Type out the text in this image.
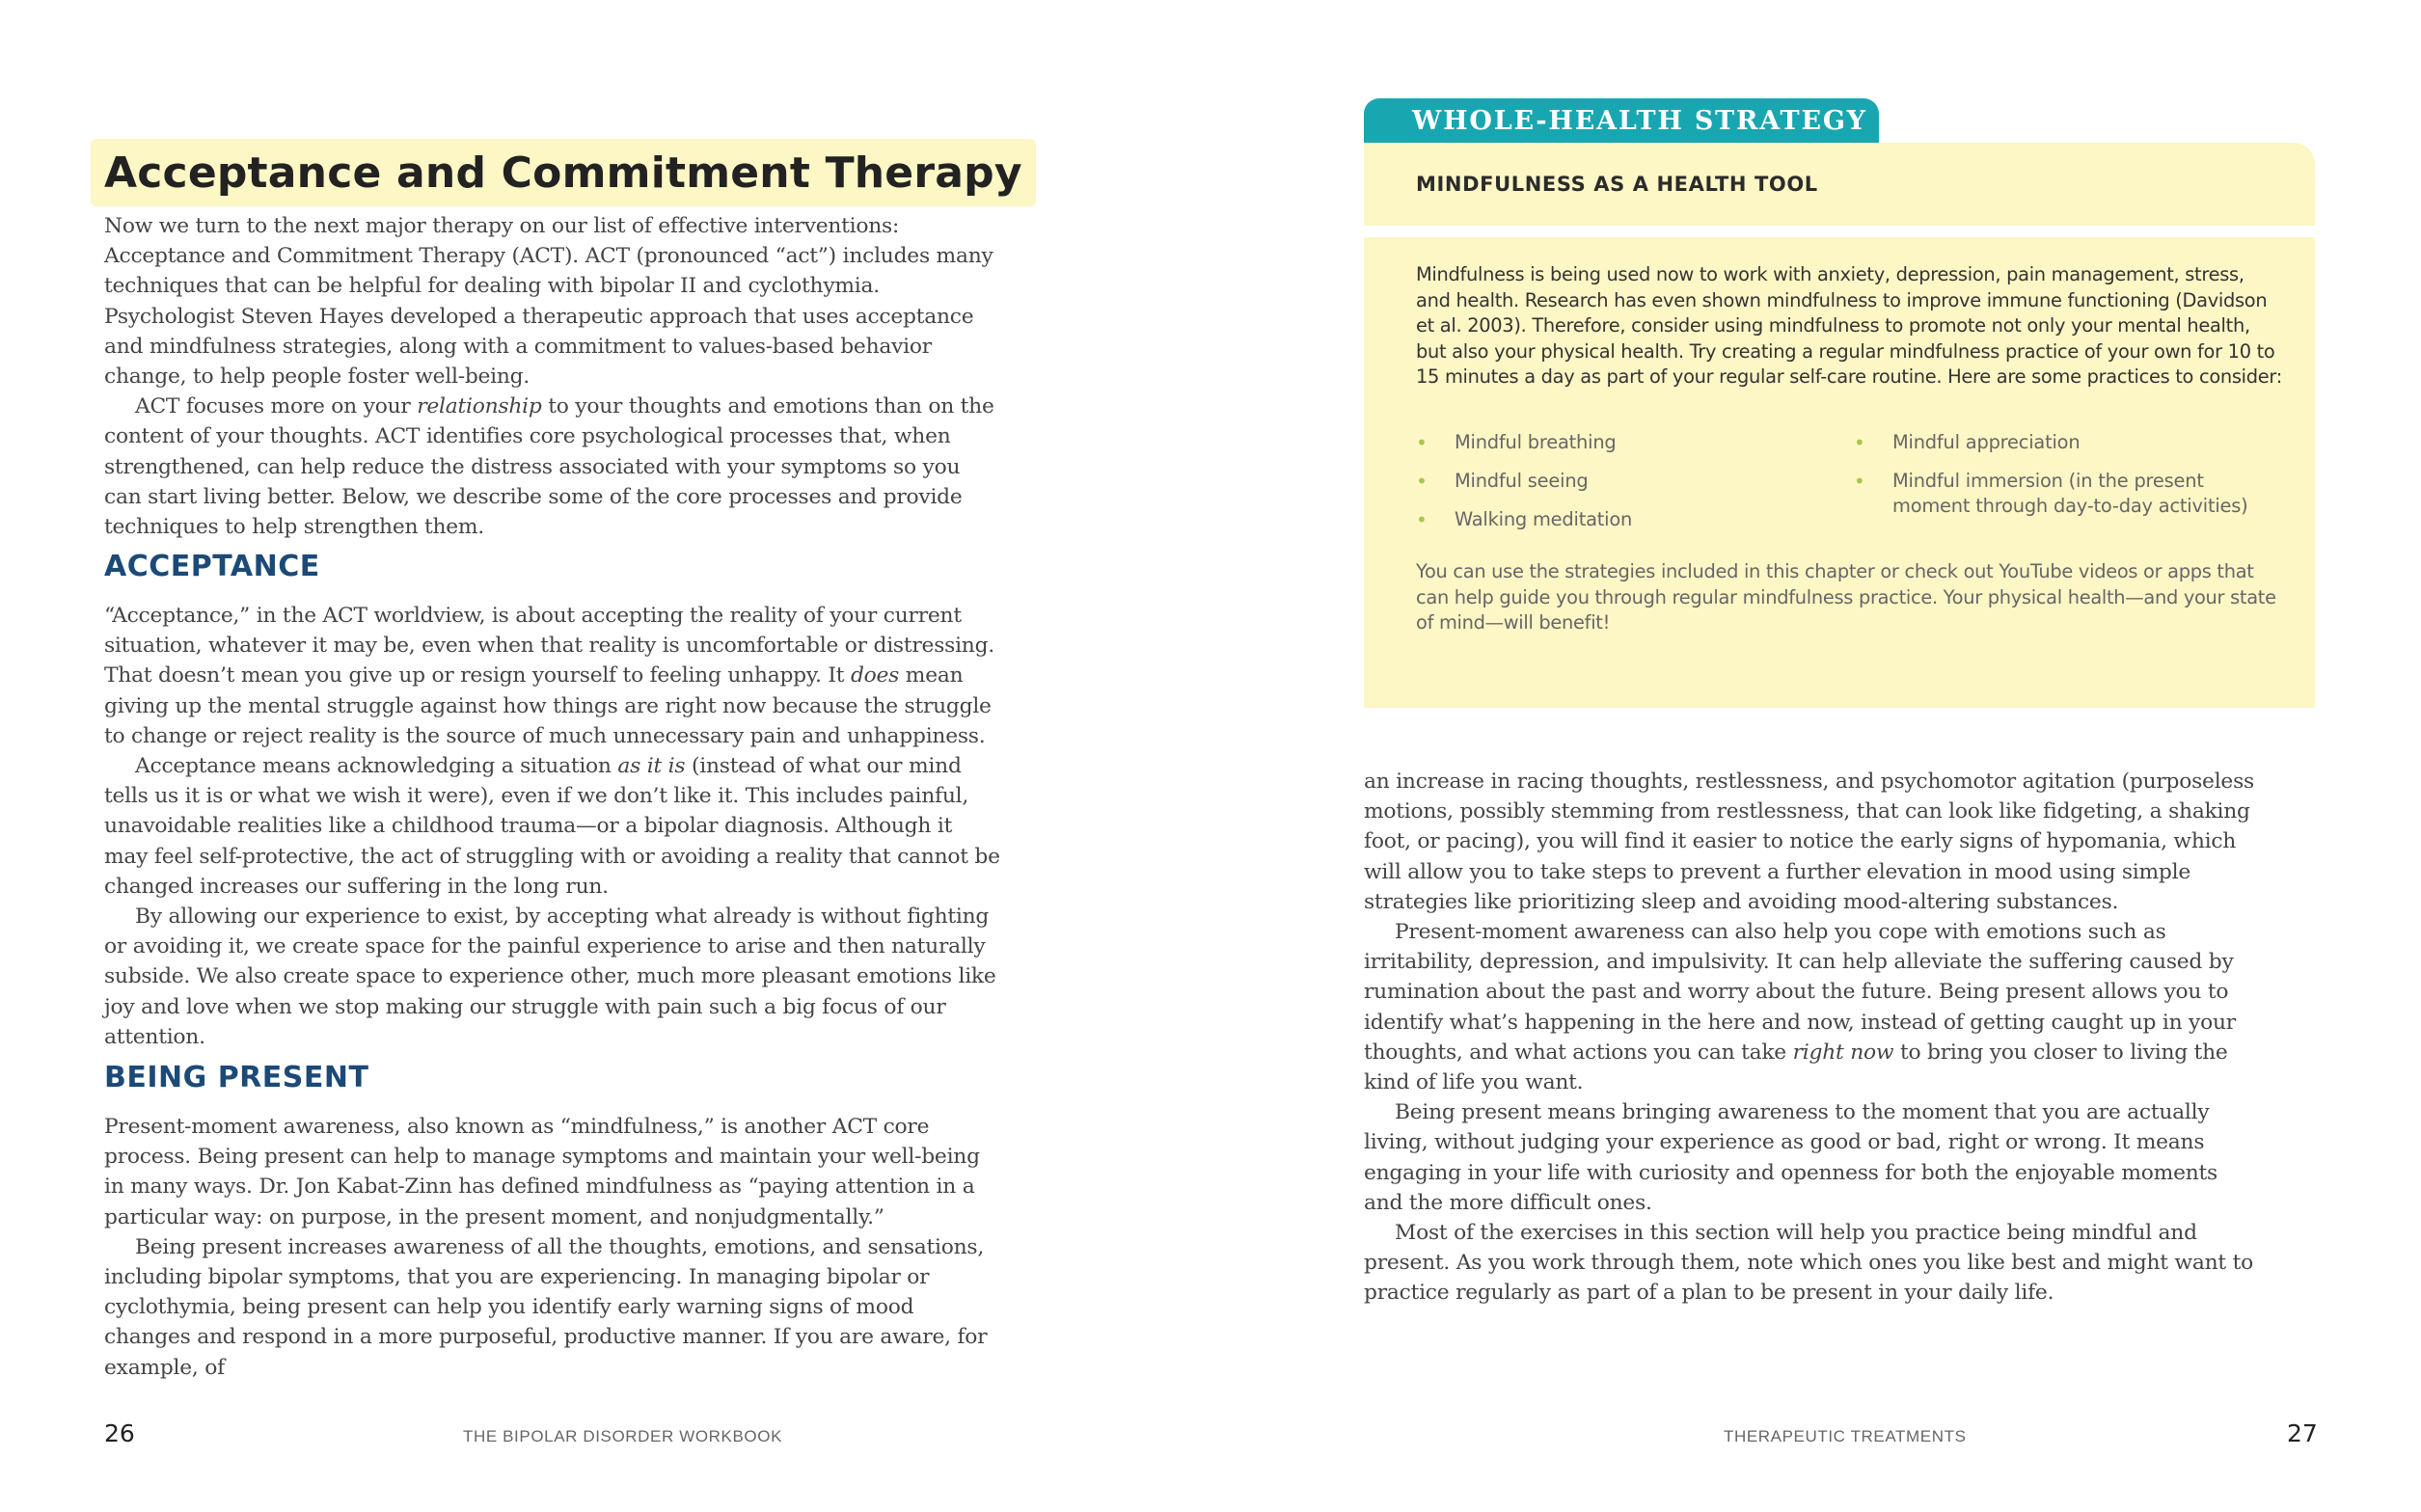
Acceptance and Commitment Therapy

Now we turn to the next major therapy on our list of effective interventions: Acceptance and Commitment Therapy (ACT). ACT (pronounced “act”) includes many techniques that can be helpful for dealing with bipolar II and cyclothymia. Psychologist Steven Hayes developed a therapeutic approach that uses acceptance and mindfulness strategies, along with a commitment to values-based behavior change, to help people foster well-being.

ACT focuses more on your relationship to your thoughts and emotions than on the content of your thoughts. ACT identifies core psychological processes that, when strengthened, can help reduce the distress associated with your symptoms so you can start living better. Below, we describe some of the core processes and provide techniques to help strengthen them.

ACCEPTANCE

“Acceptance,” in the ACT worldview, is about accepting the reality of your current situation, whatever it may be, even when that reality is uncomfortable or distressing. That doesn’t mean you give up or resign yourself to feeling unhappy. It does mean giving up the mental struggle against how things are right now because the struggle to change or reject reality is the source of much unnecessary pain and unhappiness.

Acceptance means acknowledging a situation as it is (instead of what our mind tells us it is or what we wish it were), even if we don’t like it. This includes painful, unavoidable realities like a childhood trauma—or a bipolar diagnosis. Although it may feel self-protective, the act of struggling with or avoiding a reality that cannot be changed increases our suffering in the long run.

By allowing our experience to exist, by accepting what already is without fighting or avoiding it, we create space for the painful experience to arise and then naturally subside. We also create space to experience other, much more pleasant emotions like joy and love when we stop making our struggle with pain such a big focus of our attention.

BEING PRESENT

Present-moment awareness, also known as “mindfulness,” is another ACT core process. Being present can help to manage symptoms and maintain your well-being in many ways. Dr. Jon Kabat-Zinn has defined mindfulness as “paying attention in a particular way: on purpose, in the present moment, and nonjudgmentally.”

Being present increases awareness of all the thoughts, emotions, and sensations, including bipolar symptoms, that you are experiencing. In managing bipolar or cyclothymia, being present can help you identify early warning signs of mood changes and respond in a more purposeful, productive manner. If you are aware, for example, of

26	THE BIPOLAR DISORDER WORKBOOK
WHOLE-HEALTH STRATEGY
MINDFULNESS AS A HEALTH TOOL

Mindfulness is being used now to work with anxiety, depression, pain management, stress, and health. Research has even shown mindfulness to improve immune functioning (Davidson et al. 2003). Therefore, consider using mindfulness to promote not only your mental health, but also your physical health. Try creating a regular mindfulness practice of your own for 10 to 15 minutes a day as part of your regular self-care routine. Here are some practices to consider:

• Mindful breathing
• Mindful seeing
• Walking meditation
• Mindful appreciation
• Mindful immersion (in the present moment through day-to-day activities)

You can use the strategies included in this chapter or check out YouTube videos or apps that can help guide you through regular mindfulness practice. Your physical health—and your state of mind—will benefit!

an increase in racing thoughts, restlessness, and psychomotor agitation (purposeless motions, possibly stemming from restlessness, that can look like fidgeting, a shaking foot, or pacing), you will find it easier to notice the early signs of hypomania, which will allow you to take steps to prevent a further elevation in mood using simple strategies like prioritizing sleep and avoiding mood-altering substances.

Present-moment awareness can also help you cope with emotions such as irritability, depression, and impulsivity. It can help alleviate the suffering caused by rumination about the past and worry about the future. Being present allows you to identify what’s happening in the here and now, instead of getting caught up in your thoughts, and what actions you can take right now to bring you closer to living the kind of life you want.

Being present means bringing awareness to the moment that you are actually living, without judging your experience as good or bad, right or wrong. It means engaging in your life with curiosity and openness for both the enjoyable moments and the more difficult ones.

Most of the exercises in this section will help you practice being mindful and present. As you work through them, note which ones you like best and might want to practice regularly as part of a plan to be present in your daily life.

THERAPEUTIC TREATMENTS	27
